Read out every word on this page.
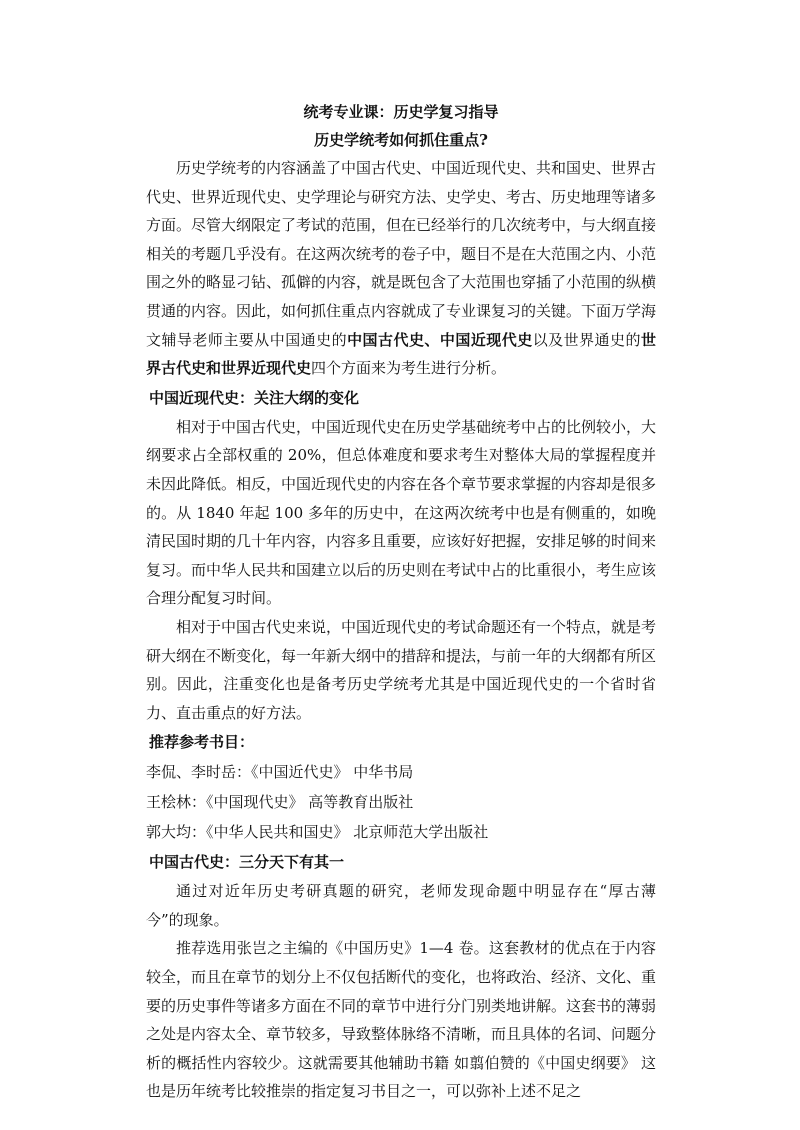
统考专业课：历史学复习指导

历史学统考如何抓住重点?

历史学统考的内容涵盖了中国古代史、中国近现代史、共和国史、世界古代史、世界近现代史、史学理论与研究方法、史学史、考古、历史地理等诸多方面。尽管大纲限定了考试的范围，但在已经举行的几次统考中，与大纲直接相关的考题几乎没有。在这两次统考的卷子中，题目不是在大范围之内、小范围之外的略显刁钻、孤僻的内容，就是既包含了大范围也穿插了小范围的纵横贯通的内容。因此，如何抓住重点内容就成了专业课复习的关键。下面万学海文辅导老师主要从中国通史的中国古代史、中国近现代史以及世界通史的世界古代史和世界近现代史四个方面来为考生进行分析。

中国近现代史：关注大纲的变化

相对于中国古代史，中国近现代史在历史学基础统考中占的比例较小，大纲要求占全部权重的 20%，但总体难度和要求考生对整体大局的掌握程度并未因此降低。相反，中国近现代史的内容在各个章节要求掌握的内容却是很多的。从 1840 年起 100 多年的历史中，在这两次统考中也是有侧重的，如晚清民国时期的几十年内容，内容多且重要，应该好好把握，安排足够的时间来复习。而中华人民共和国建立以后的历史则在考试中占的比重很小，考生应该合理分配复习时间。

相对于中国古代史来说，中国近现代史的考试命题还有一个特点，就是考研大纲在不断变化，每一年新大纲中的措辞和提法，与前一年的大纲都有所区别。因此，注重变化也是备考历史学统考尤其是中国近现代史的一个省时省力、直击重点的好方法。

推荐参考书目：

李侃、李时岳：《中国近代史》 中华书局

王桧林：《中国现代史》 高等教育出版社

郭大均：《中华人民共和国史》 北京师范大学出版社

中国古代史：三分天下有其一

通过对近年历史考研真题的研究，老师发现命题中明显存在“厚古薄今”的现象。

推荐选用张岂之主编的《中国历史》1—4 卷。这套教材的优点在于内容较全，而且在章节的划分上不仅包括断代的变化，也将政治、经济、文化、重要的历史事件等诸多方面在不同的章节中进行分门别类地讲解。这套书的薄弱之处是内容太全、章节较多，导致整体脉络不清晰，而且具体的名词、问题分析的概括性内容较少。这就需要其他辅助书籍 如翦伯赞的《中国史纲要》 这也是历年统考比较推崇的指定复习书目之一，可以弥补上述不足之
